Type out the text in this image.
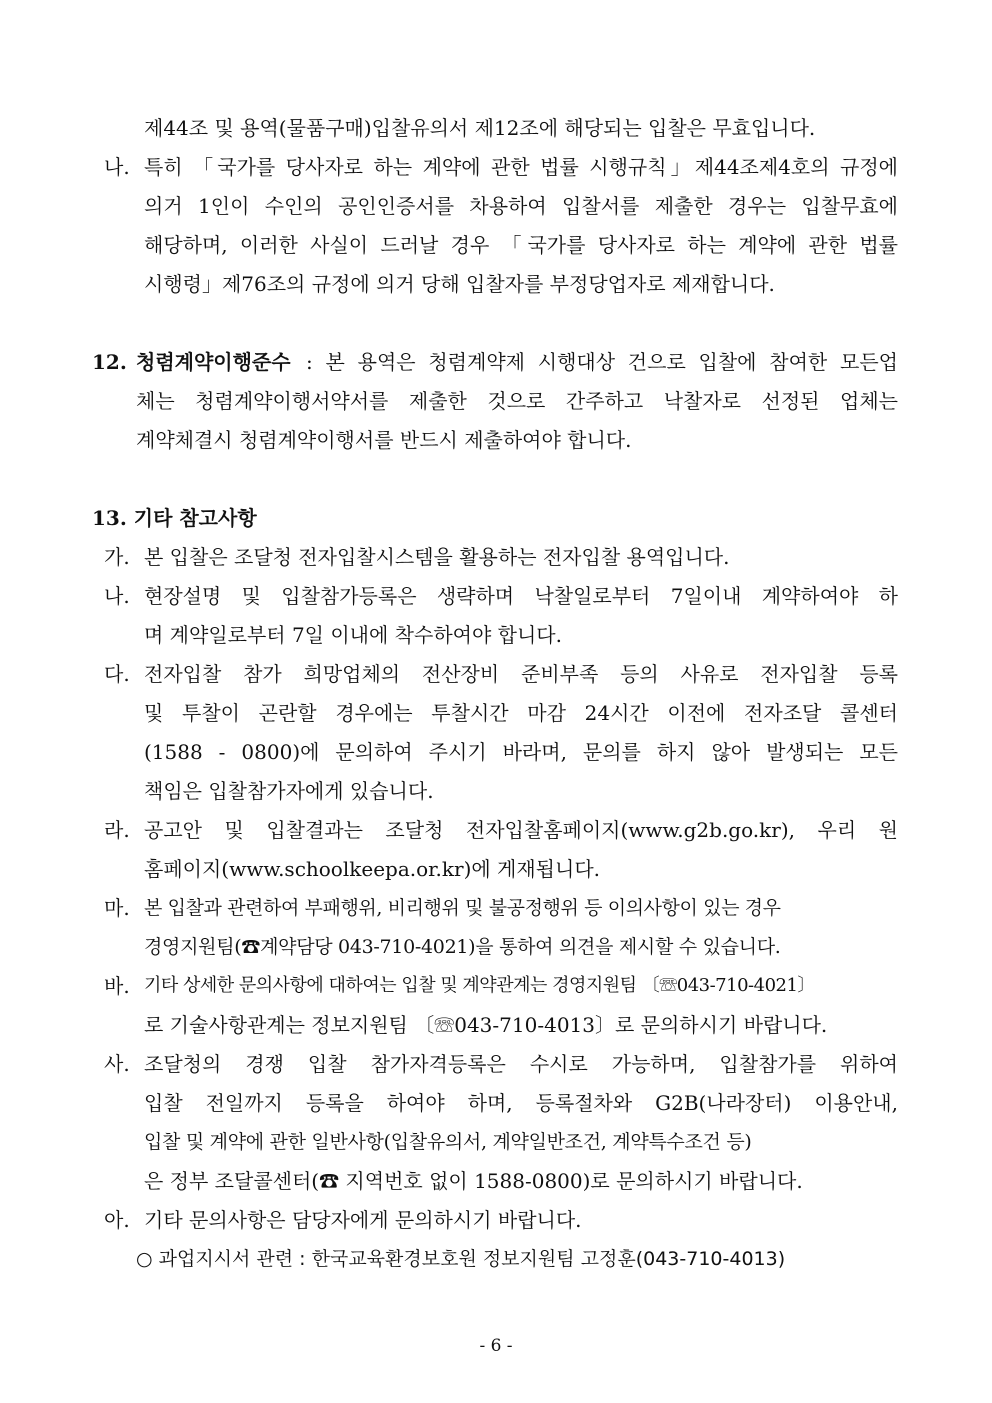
제44조 및 용역(물품구매)입찰유의서 제12조에 해당되는 입찰은 무효입니다.
나. 특히 「국가를 당사자로 하는 계약에 관한 법률 시행규칙」제44조제4호의 규정에
의거 1인이 수인의 공인인증서를 차용하여 입찰서를 제출한 경우는 입찰무효에
해당하며, 이러한 사실이 드러날 경우 「국가를 당사자로 하는 계약에 관한 법률
시행령」제76조의 규정에 의거 당해 입찰자를 부정당업자로 제재합니다.
12. 청렴계약이행준수 : 본 용역은 청렴계약제 시행대상 건으로 입찰에 참여한 모든업
체는 청렴계약이행서약서를 제출한 것으로 간주하고 낙찰자로 선정된 업체는
계약체결시 청렴계약이행서를 반드시 제출하여야 합니다.
13. 기타 참고사항
가. 본 입찰은 조달청 전자입찰시스템을 활용하는 전자입찰 용역입니다.
나. 현장설명 및 입찰참가등록은 생략하며 낙찰일로부터 7일이내 계약하여야 하
며 계약일로부터 7일 이내에 착수하여야 합니다.
다. 전자입찰 참가 희망업체의 전산장비 준비부족 등의 사유로 전자입찰 등록
및 투찰이 곤란할 경우에는 투찰시간 마감 24시간 이전에 전자조달 콜센터
(1588 - 0800)에 문의하여 주시기 바라며, 문의를 하지 않아 발생되는 모든
책임은 입찰참가자에게 있습니다.
라. 공고안 및 입찰결과는 조달청 전자입찰홈페이지(www.g2b.go.kr), 우리 원
홈페이지(www.schoolkeepa.or.kr)에 게재됩니다.
마. 본 입찰과 관련하여 부패행위, 비리행위 및 불공정행위 등 이의사항이 있는 경우
경영지원팀(☎계약담당 043-710-4021)을 통하여 의견을 제시할 수 있습니다.
바. 기타 상세한 문의사항에 대하여는 입찰 및 계약관계는 경영지원팀 〔☏043-710-4021〕
로 기술사항관계는 정보지원팀 〔☏043-710-4013〕로 문의하시기 바랍니다.
사. 조달청의 경쟁 입찰 참가자격등록은 수시로 가능하며, 입찰참가를 위하여
입찰 전일까지 등록을 하여야 하며, 등록절차와 G2B(나라장터) 이용안내,
입찰 및 계약에 관한 일반사항(입찰유의서, 계약일반조건, 계약특수조건 등)
은 정부 조달콜센터(☎ 지역번호 없이 1588-0800)로 문의하시기 바랍니다.
아. 기타 문의사항은 담당자에게 문의하시기 바랍니다.
○ 과업지시서 관련 : 한국교육환경보호원 정보지원팀 고정훈(043-710-4013)
- 6 -
